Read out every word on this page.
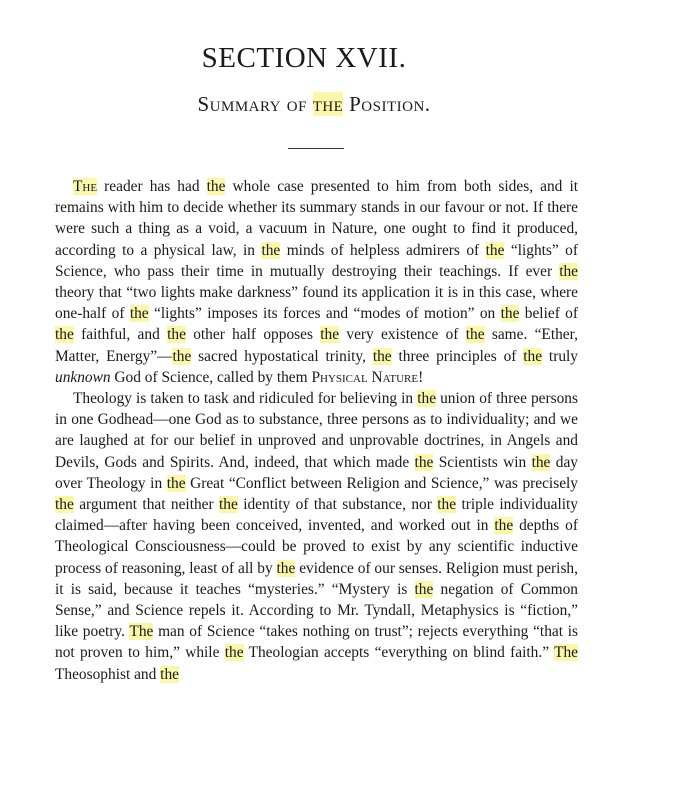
SECTION XVII.
Summary of the Position.

The reader has had the whole case presented to him from both sides, and it remains with him to decide whether its summary stands in our favour or not. If there were such a thing as a void, a vacuum in Nature, one ought to find it produced, according to a physical law, in the minds of helpless admirers of the “lights” of Science, who pass their time in mutually destroying their teachings. If ever the theory that “two lights make darkness” found its application it is in this case, where one-half of the “lights” imposes its forces and “modes of motion” on the belief of the faithful, and the other half opposes the very existence of the same. “Ether, Matter, Energy”—the sacred hypostatical trinity, the three principles of the truly unknown God of Science, called by them Physical Nature!

Theology is taken to task and ridiculed for believing in the union of three persons in one Godhead—one God as to substance, three persons as to individuality; and we are laughed at for our belief in unproved and unprovable doctrines, in Angels and Devils, Gods and Spirits. And, indeed, that which made the Scientists win the day over Theology in the Great “Conflict between Religion and Science,” was precisely the argument that neither the identity of that substance, nor the triple individuality claimed—after having been conceived, invented, and worked out in the depths of Theological Consciousness—could be proved to exist by any scientific inductive process of reasoning, least of all by the evidence of our senses. Religion must perish, it is said, because it teaches “mysteries.” “Mystery is the negation of Common Sense,” and Science repels it. According to Mr. Tyndall, Metaphysics is “fiction,” like poetry. The man of Science “takes nothing on trust”; rejects everything “that is not proven to him,” while the Theologian accepts “everything on blind faith.” The Theosophist and the
